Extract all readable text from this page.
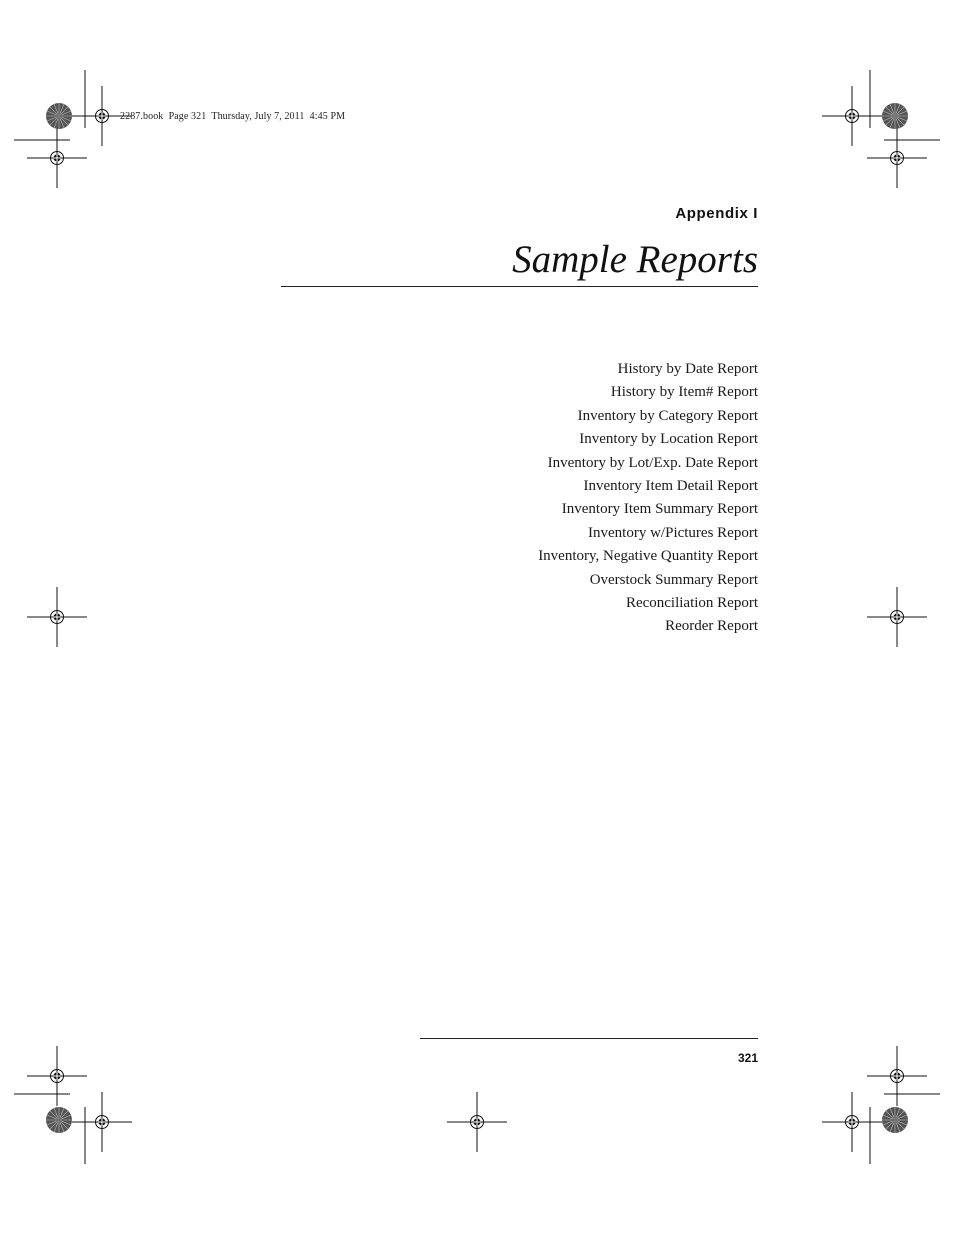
2287.book  Page 321  Thursday, July 7, 2011  4:45 PM
Appendix I
Sample Reports
History by Date Report
History by Item# Report
Inventory by Category Report
Inventory by Location Report
Inventory by Lot/Exp. Date Report
Inventory Item Detail Report
Inventory Item Summary Report
Inventory w/Pictures Report
Inventory, Negative Quantity Report
Overstock Summary Report
Reconciliation Report
Reorder Report
321
